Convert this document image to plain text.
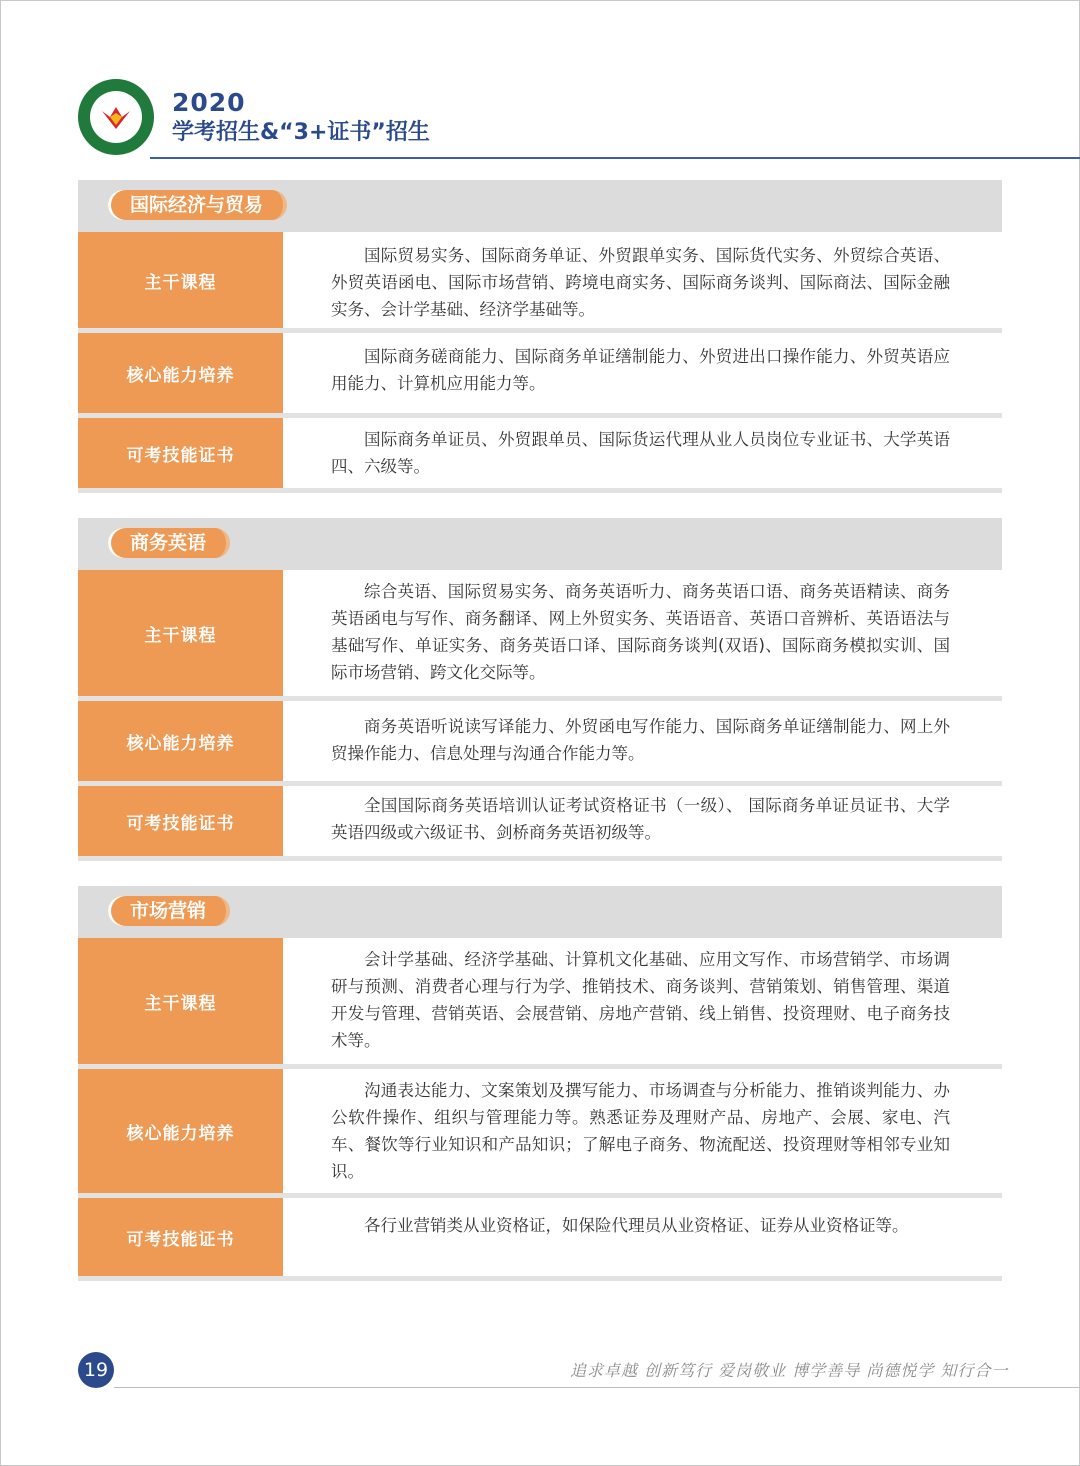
2020
学考招生&“3+证书”招生
国际经济与贸易
主干课程
国际贸易实务、国际商务单证、外贸跟单实务、国际货代实务、外贸综合英语、外贸英语函电、国际市场营销、跨境电商实务、国际商务谈判、国际商法、国际金融实务、会计学基础、经济学基础等。
核心能力培养
国际商务磋商能力、国际商务单证缮制能力、外贸进出口操作能力、外贸英语应用能力、计算机应用能力等。
可考技能证书
国际商务单证员、外贸跟单员、国际货运代理从业人员岗位专业证书、大学英语四、六级等。
商务英语
主干课程
综合英语、国际贸易实务、商务英语听力、商务英语口语、商务英语精读、商务英语函电与写作、商务翻译、网上外贸实务、英语语音、英语口音辨析、英语语法与基础写作、单证实务、商务英语口译、国际商务谈判(双语)、国际商务模拟实训、国际市场营销、跨文化交际等。
核心能力培养
商务英语听说读写译能力、外贸函电写作能力、国际商务单证缮制能力、网上外贸操作能力、信息处理与沟通合作能力等。
可考技能证书
全国国际商务英语培训认证考试资格证书（一级）、 国际商务单证员证书、大学英语四级或六级证书、剑桥商务英语初级等。
市场营销
主干课程
会计学基础、经济学基础、计算机文化基础、应用文写作、市场营销学、市场调研与预测、消费者心理与行为学、推销技术、商务谈判、营销策划、销售管理、渠道开发与管理、营销英语、会展营销、房地产营销、线上销售、投资理财、电子商务技术等。
核心能力培养
沟通表达能力、文案策划及撰写能力、市场调查与分析能力、推销谈判能力、办公软件操作、组织与管理能力等。熟悉证券及理财产品、房地产、会展、家电、汽车、餐饮等行业知识和产品知识；了解电子商务、物流配送、投资理财等相邻专业知识。
可考技能证书
各行业营销类从业资格证，如保险代理员从业资格证、证券从业资格证等。
19	追求卓越 创新笃行 爱岗敬业 博学善导 尚德悦学 知行合一
